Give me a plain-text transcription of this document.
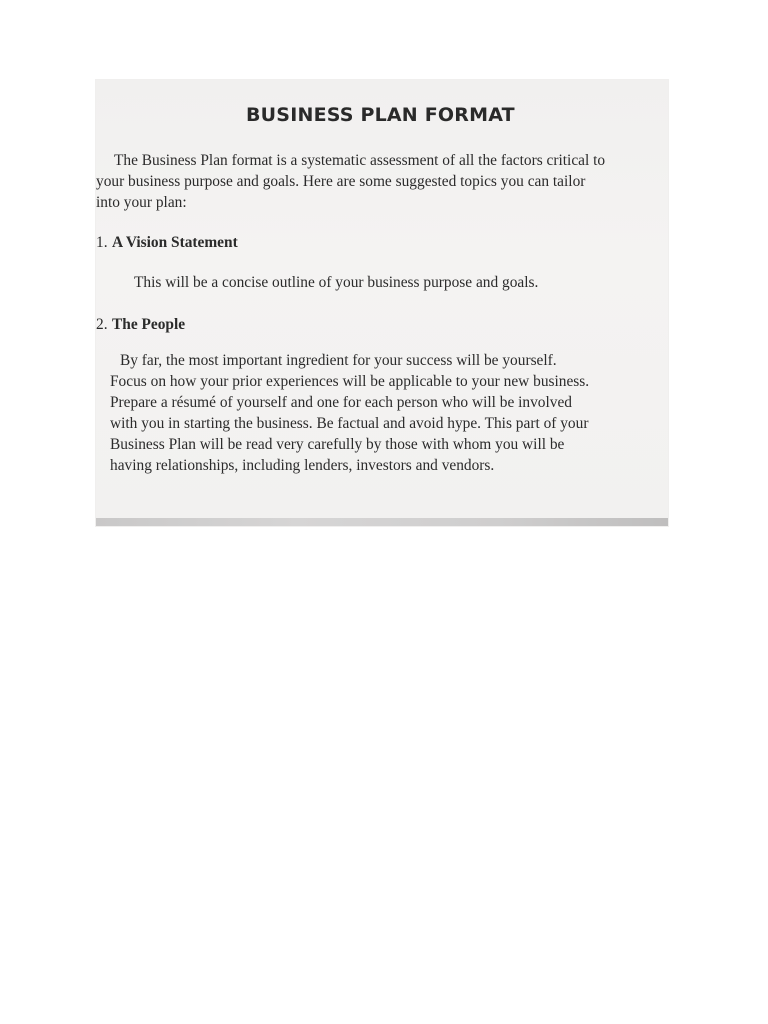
BUSINESS PLAN FORMAT
The Business Plan format is a systematic assessment of all the factors critical to
your business purpose and goals. Here are some suggested topics you can tailor
into your plan:
1. A Vision Statement
This will be a concise outline of your business purpose and goals.
2. The People
By far, the most important ingredient for your success will be yourself.
Focus on how your prior experiences will be applicable to your new business.
Prepare a résumé of yourself and one for each person who will be involved
with you in starting the business. Be factual and avoid hype. This part of your
Business Plan will be read very carefully by those with whom you will be
having relationships, including lenders, investors and vendors.
